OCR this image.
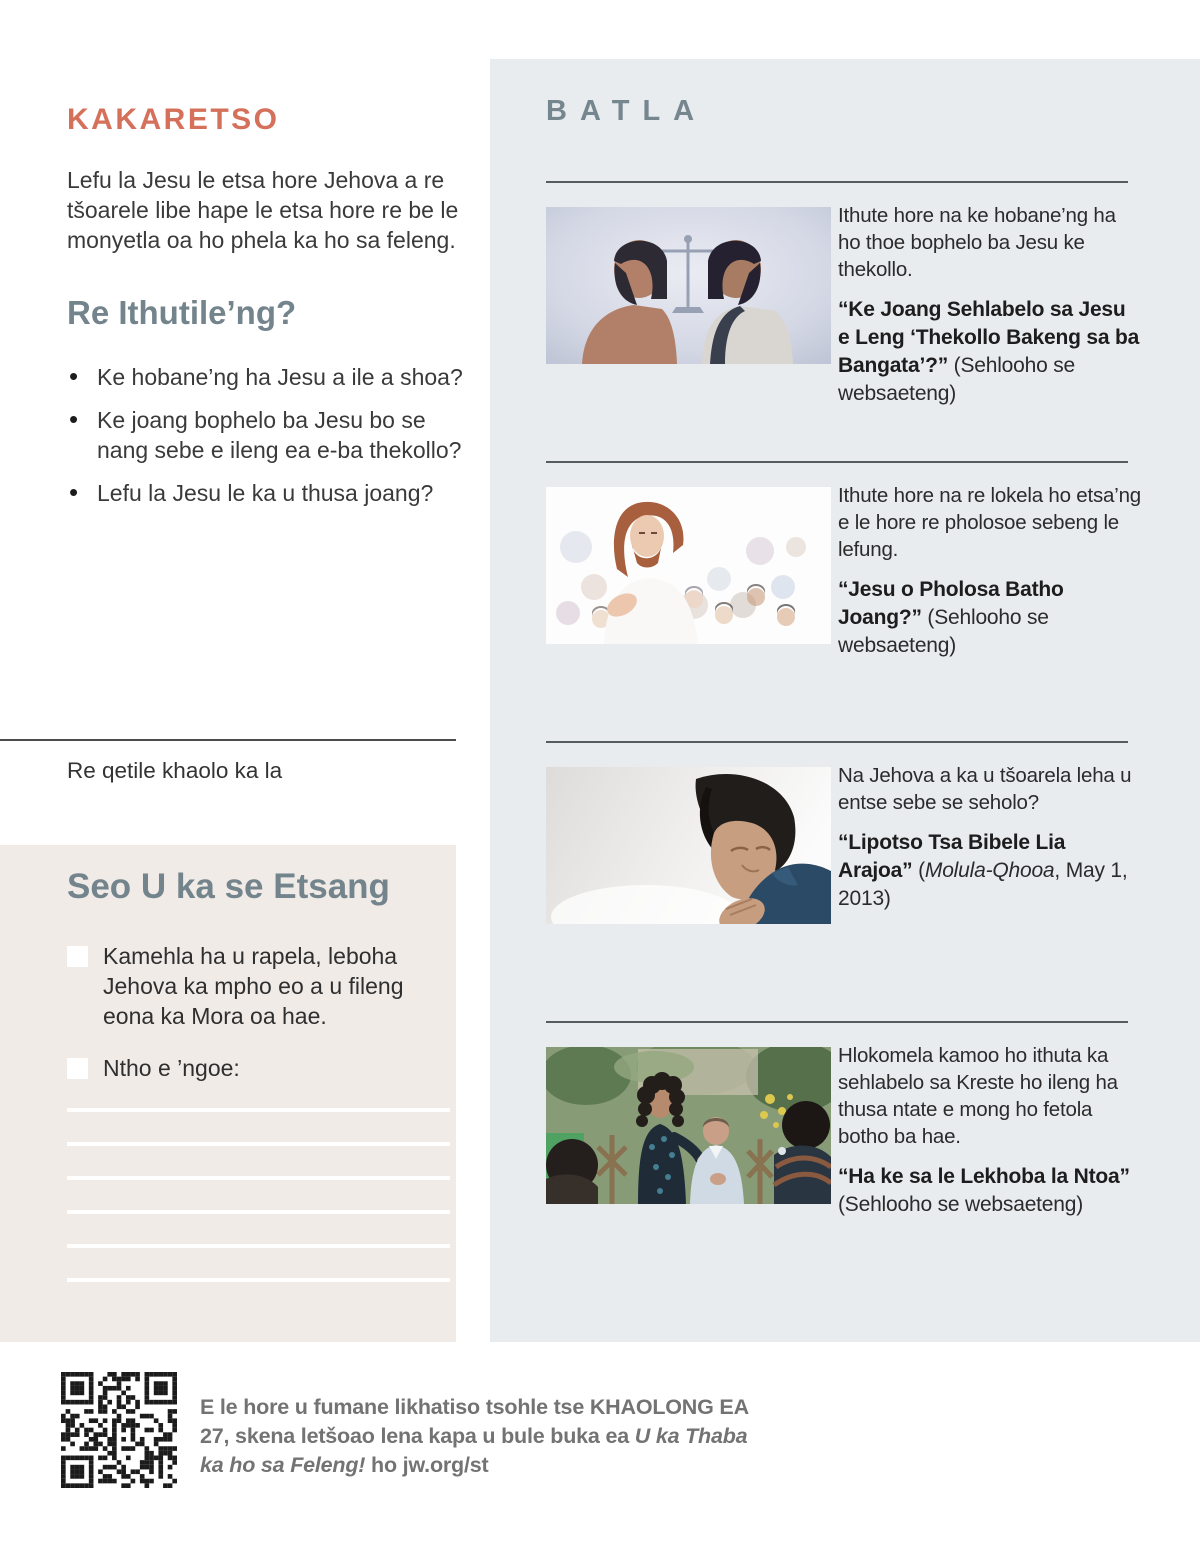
KAKARETSO

Lefu la Jesu le etsa hore Jehova a re tšoarele libe hape le etsa hore re be le monyetla oa ho phela ka ho sa feleng.

Re Ithutile’ng?
• Ke hobane’ng ha Jesu a ile a shoa?
• Ke joang bophelo ba Jesu bo se nang sebe e ileng ea e-ba thekollo?
• Lefu la Jesu le ka u thusa joang?

Re qetile khaolo ka la

Seo U ka se Etsang

Kamehla ha u rapela, leboha Jehova ka mpho eo a u fileng eona ka Mora oa hae.

Ntho e ’ngoe:

BATLA

Ithute hore na ke hobane’ng ha ho thoe bophelo ba Jesu ke thekollo.

“Ke Joang Sehlabelo sa Jesu e Leng ‘Thekollo Bakeng sa ba Bangata’?” (Sehlooho se websaeteng)

Ithute hore na re lokela ho etsa’ng e le hore re pholosoe sebeng le lefung.

“Jesu o Pholosa Batho Joang?” (Sehlooho se websaeteng)

Na Jehova a ka u tšoarela leha u entse sebe se seholo?

“Lipotso Tsa Bibele Lia Arajoa” (Molula-Qhooa, May 1, 2013)

Hlokomela kamoo ho ithuta ka sehlabelo sa Kreste ho ileng ha thusa ntate e mong ho fetola botho ba hae.

“Ha ke sa le Lekhoba la Ntoa” (Sehlooho se websaeteng)

E le hore u fumane likhatiso tsohle tse KHAOLONG EA 27, skena letšoao lena kapa u bule buka ea U ka Thaba ka ho sa Feleng! ho jw.org/st
